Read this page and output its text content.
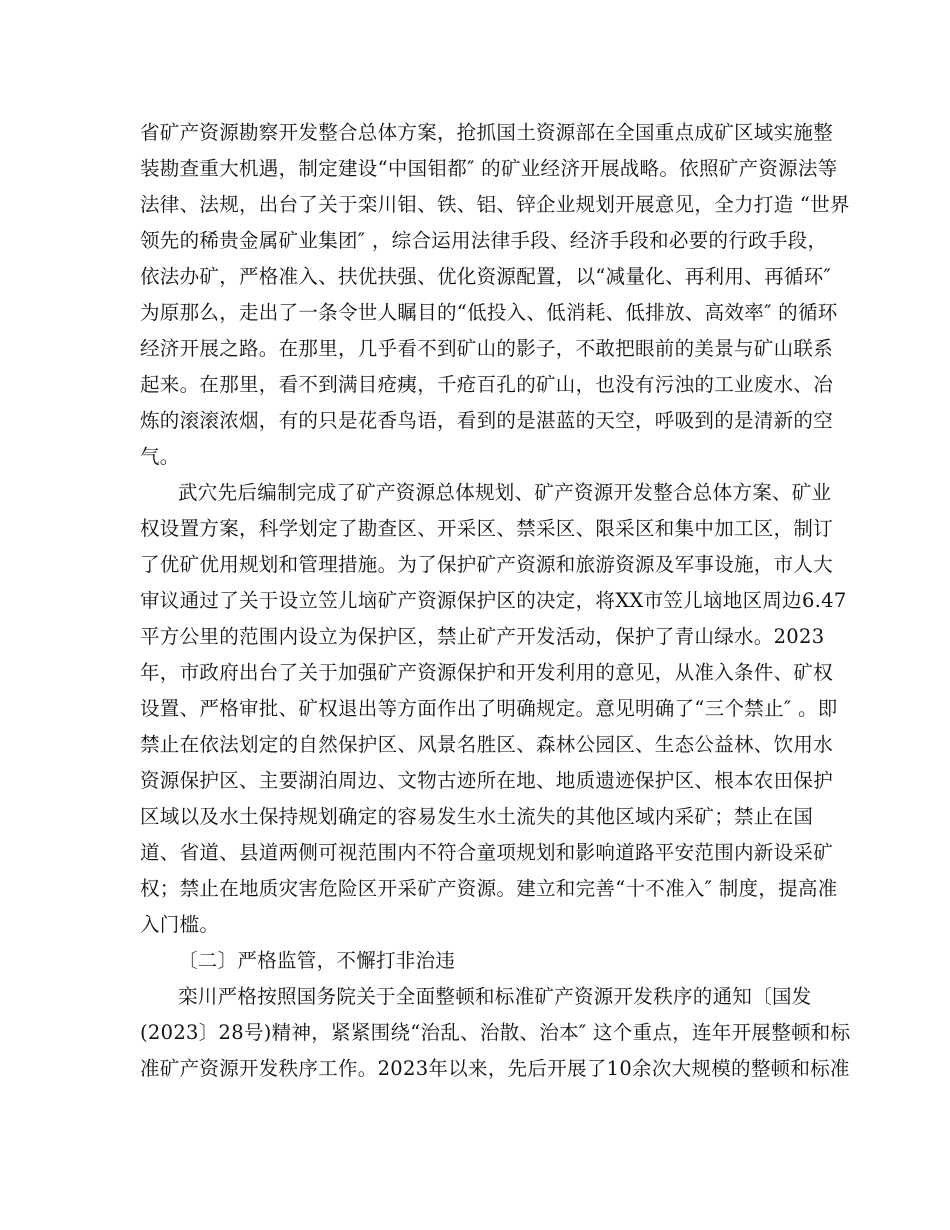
省矿产资源勘察开发整合总体方案，抢抓国土资源部在全国重点成矿区域实施整
装勘查重大机遇，制定建设“中国钼都″ 的矿业经济开展战略。依照矿产资源法等
法律、法规，出台了关于栾川钼、铁、铝、锌企业规划开展意见，全力打造 “世界
领先的稀贵金属矿业集团″ ，综合运用法律手段、经济手段和必要的行政手段，
依法办矿，严格准入、扶优扶强、优化资源配置，以“减量化、再利用、再循环″
为原那么，走出了一条令世人瞩目的“低投入、低消耗、低排放、高效率″ 的循环
经济开展之路。在那里，几乎看不到矿山的影子，不敢把眼前的美景与矿山联系
起来。在那里，看不到满目疮痍，千疮百孔的矿山，也没有污浊的工业废水、冶
炼的滚滚浓烟，有的只是花香鸟语，看到的是湛蓝的天空，呼吸到的是清新的空
气。
武穴先后编制完成了矿产资源总体规划、矿产资源开发整合总体方案、矿业
权设置方案，科学划定了勘查区、开采区、禁采区、限采区和集中加工区，制订
了优矿优用规划和管理措施。为了保护矿产资源和旅游资源及军事设施，市人大
审议通过了关于设立笠儿垴矿产资源保护区的决定，将XX市笠儿垴地区周边6.47
平方公里的范围内设立为保护区，禁止矿产开发活动，保护了青山绿水。2023
年，市政府出台了关于加强矿产资源保护和开发利用的意见，从准入条件、矿权
设置、严格审批、矿权退出等方面作出了明确规定。意见明确了“三个禁止″ 。即
禁止在依法划定的自然保护区、风景名胜区、森林公园区、生态公益林、饮用水
资源保护区、主要湖泊周边、文物古迹所在地、地质遗迹保护区、根本农田保护
区域以及水土保持规划确定的容易发生水土流失的其他区域内采矿；禁止在国
道、省道、县道两侧可视范围内不符合童项规划和影响道路平安范围内新设采矿
权；禁止在地质灾害危险区开采矿产资源。建立和完善“十不准入″ 制度，提高准
入门槛。
〔二〕严格监管，不懈打非治违
栾川严格按照国务院关于全面整顿和标准矿产资源开发秩序的通知〔国发
(2023〕28号)精神，紧紧围绕“治乱、治散、治本″ 这个重点，连年开展整顿和标
准矿产资源开发秩序工作。2023年以来，先后开展了10余次大规模的整顿和标准
